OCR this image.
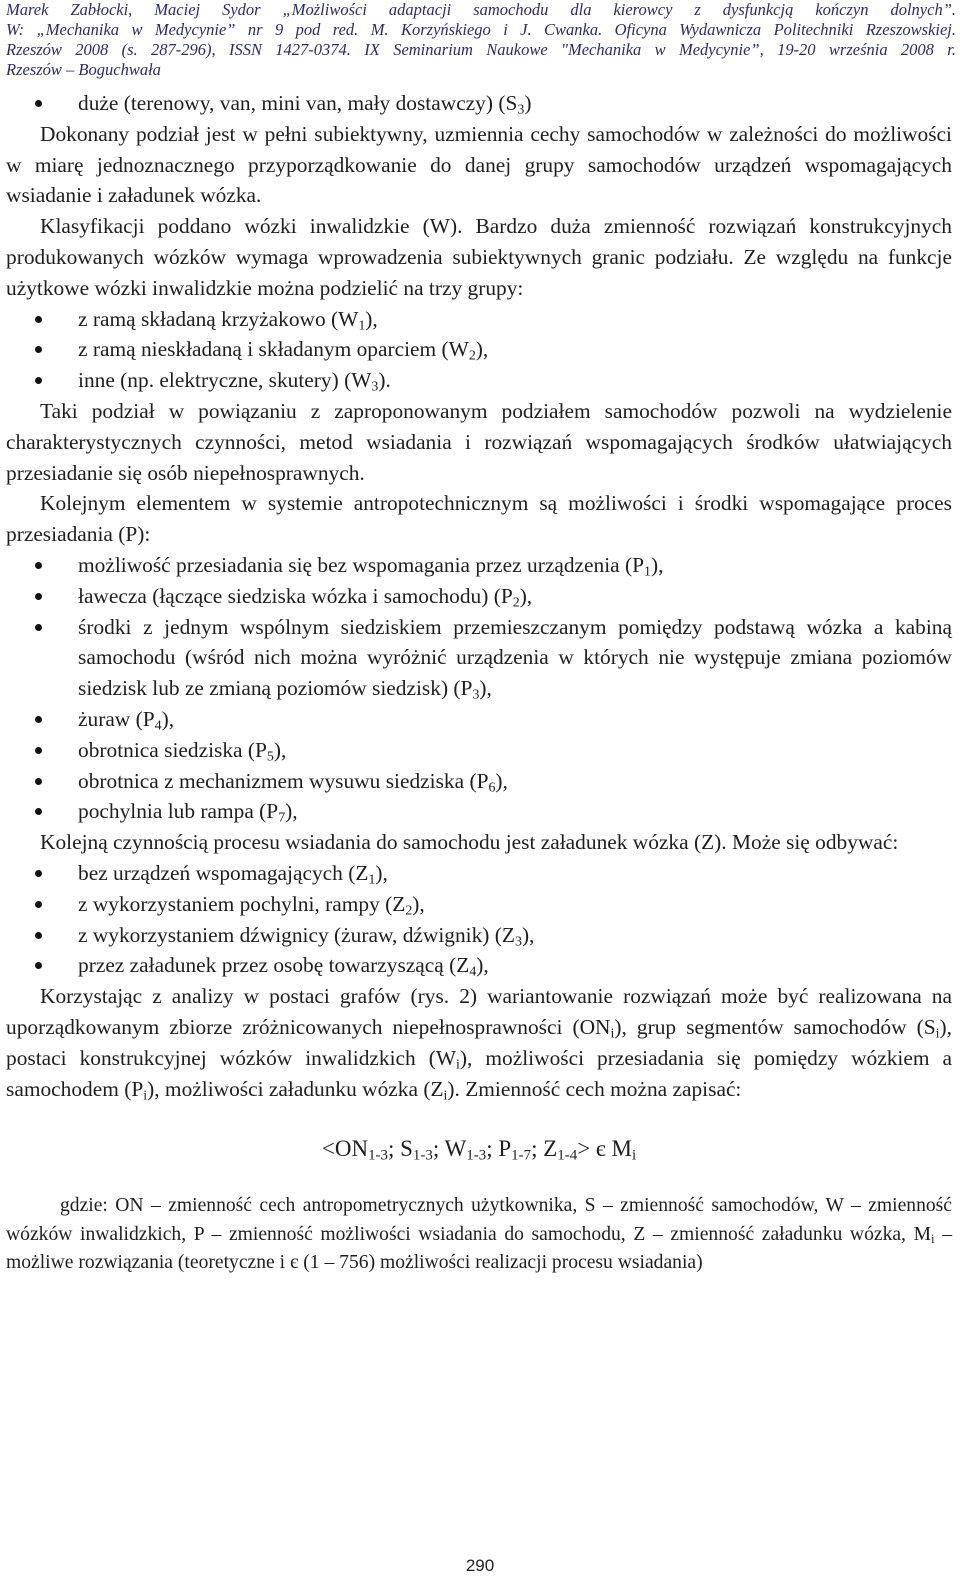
Marek Zabłocki, Maciej Sydor „Możliwości adaptacji samochodu dla kierowcy z dysfunkcją kończyn dolnych”.

W: „Mechanika w Medycynie” nr 9 pod red. M. Korzyńskiego i J. Cwanka. Oficyna Wydawnicza Politechniki Rzeszowskiej.

Rzeszów 2008 (s. 287-296), ISSN 1427-0374. IX Seminarium Naukowe "Mechanika w Medycynie”, 19-20 września 2008 r.

Rzeszów – Boguchwała

duże (terenowy, van, mini van, mały dostawczy) $(S_3)$

Dokonany podział jest w pełni subiektywny, uzmiennia cechy samochodów w zależności do możliwości w miarę jednoznacznego przyporządkowanie do danej grupy samochodów urządzeń wspomagających wsiadanie i załadunek wózka.

Klasyfikacji poddano wózki inwalidzkie (W). Bardzo duża zmienność rozwiązań konstrukcyjnych produkowanych wózków wymaga wprowadzenia subiektywnych granic podziału. Ze względu na funkcje użytkowe wózki inwalidzkie można podzielić na trzy grupy:

z ramą składaną krzyżakowo $(W_1)$,
z ramą nieskładaną i składanym oparciem $(W_2)$,
inne (np. elektryczne, skutery) $(W_3)$.

Taki podział w powiązaniu z zaproponowanym podziałem samochodów pozwoli na wydzielenie charakterystycznych czynności, metod wsiadania i rozwiązań wspomagających środków ułatwiających przesiadanie się osób niepełnosprawnych.

Kolejnym elementem w systemie antropotechnicznym są możliwości i środki wspomagające proces przesiadania (P):

możliwość przesiadania się bez wspomagania przez urządzenia $(P_1)$,
ławecza (łączące siedziska wózka i samochodu) $(P_2)$,
środki z jednym wspólnym siedziskiem przemieszczanym pomiędzy podstawą wózka a kabiną samochodu (wśród nich można wyróżnić urządzenia w których nie występuje zmiana poziomów siedzisk lub ze zmianą poziomów siedzisk) $(P_3)$,
żuraw $(P_4)$,
obrotnica siedziska $(P_5)$,
obrotnica z mechanizmem wysuwu siedziska $(P_6)$,
pochylnia lub rampa $(P_7)$,

Kolejną czynnością procesu wsiadania do samochodu jest załadunek wózka (Z). Może się odbywać:

bez urządzeń wspomagających $(Z_1)$,
z wykorzystaniem pochylni, rampy $(Z_2)$,
z wykorzystaniem dźwignicy (żuraw, dźwignik) $(Z_3)$,
przez załadunek przez osobę towarzyszącą $(Z_4)$,

Korzystając z analizy w postaci grafów (rys. 2) wariantowanie rozwiązań może być realizowana na uporządkowanym zbiorze zróżnicowanych niepełnosprawności $(ON_i)$, grup segmentów samochodów $(S_i)$, postaci konstrukcyjnej wózków inwalidzkich $(W_i)$, możliwości przesiadania się pomiędzy wózkiem a samochodem $(P_i)$, możliwości załadunku wózka $(Z_i)$. Zmienność cech można zapisać:

$<ON_{1-3}$; $S_{1-3}$; $W_{1-3}$; $P_{1-7}$; $Z_{1-4}> є$ $M_i$

gdzie: ON – zmienność cech antropometrycznych użytkownika, S – zmienność samochodów, W – zmienność wózków inwalidzkich, P – zmienność możliwości wsiadania do samochodu, Z – zmienność załadunku wózka, $M_i$ – możliwe rozwiązania (teoretyczne i є (1 – 756) możliwości realizacji procesu wsiadania)

290
